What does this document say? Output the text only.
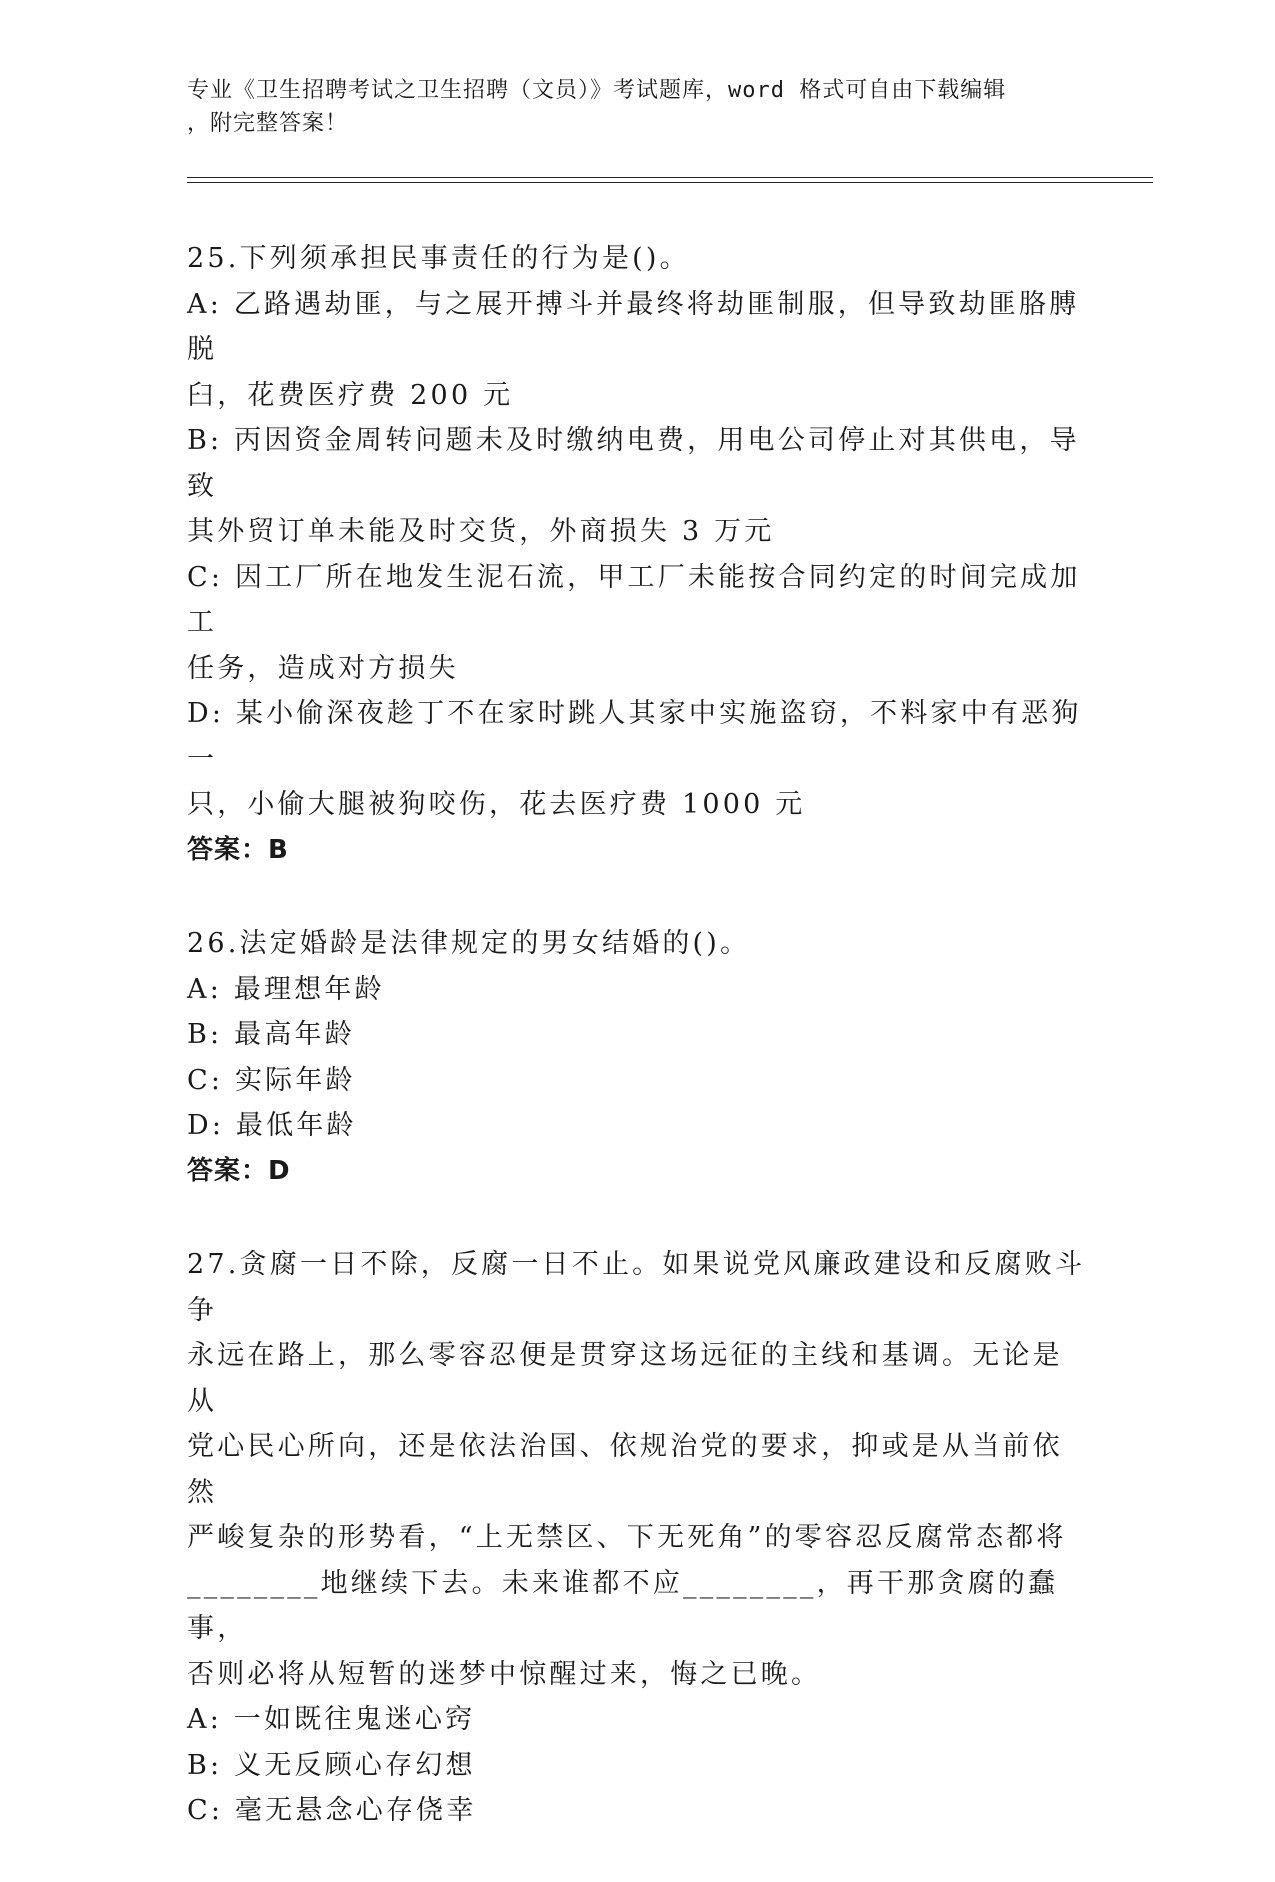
专业《卫生招聘考试之卫生招聘（文员）》考试题库，word 格式可自由下载编辑
，附完整答案！
25.下列须承担民事责任的行为是()。
A: 乙路遇劫匪，与之展开搏斗并最终将劫匪制服，但导致劫匪胳膊脱
臼，花费医疗费 200 元
B: 丙因资金周转问题未及时缴纳电费，用电公司停止对其供电，导致
其外贸订单未能及时交货，外商损失 3 万元
C: 因工厂所在地发生泥石流，甲工厂未能按合同约定的时间完成加工
任务，造成对方损失
D: 某小偷深夜趁丁不在家时跳人其家中实施盗窃，不料家中有恶狗一
只，小偷大腿被狗咬伤，花去医疗费 1000 元
答案：B
26.法定婚龄是法律规定的男女结婚的()。
A: 最理想年龄
B: 最高年龄
C: 实际年龄
D: 最低年龄
答案：D
27.贪腐一日不除，反腐一日不止。如果说党风廉政建设和反腐败斗争
永远在路上，那么零容忍便是贯穿这场远征的主线和基调。无论是从
党心民心所向，还是依法治国、依规治党的要求，抑或是从当前依然
严峻复杂的形势看，“上无禁区、下无死角”的零容忍反腐常态都将
________地继续下去。未来谁都不应________，再干那贪腐的蠢事，
否则必将从短暂的迷梦中惊醒过来，悔之已晚。
A: 一如既往鬼迷心窍
B: 义无反顾心存幻想
C: 毫无悬念心存侥幸
